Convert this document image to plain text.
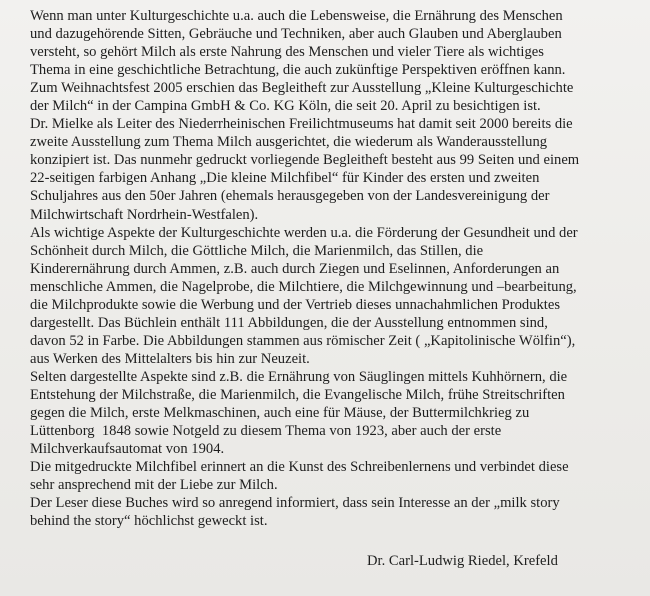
Wenn man unter Kulturgeschichte u.a. auch die Lebensweise, die Ernährung des Menschen
und dazugehörende Sitten, Gebräuche und Techniken, aber auch Glauben und Aberglauben
versteht, so gehört Milch als erste Nahrung des Menschen und vieler Tiere als wichtiges
Thema in eine geschichtliche Betrachtung, die auch zukünftige Perspektiven eröffnen kann.
Zum Weihnachtsfest 2005 erschien das Begleitheft zur Ausstellung „Kleine Kulturgeschichte
der Milch“ in der Campina GmbH & Co. KG Köln, die seit 20. April zu besichtigen ist.
Dr. Mielke als Leiter des Niederrheinischen Freilichtmuseums hat damit seit 2000 bereits die
zweite Ausstellung zum Thema Milch ausgerichtet, die wiederum als Wanderausstellung
konzipiert ist. Das nunmehr gedruckt vorliegende Begleitheft besteht aus 99 Seiten und einem
22-seitigen farbigen Anhang „Die kleine Milchfibel“ für Kinder des ersten und zweiten
Schuljahres aus den 50er Jahren (ehemals herausgegeben von der Landesvereinigung der
Milchwirtschaft Nordrhein-Westfalen).
Als wichtige Aspekte der Kulturgeschichte werden u.a. die Förderung der Gesundheit und der
Schönheit durch Milch, die Göttliche Milch, die Marienmilch, das Stillen, die
Kinderernährung durch Ammen, z.B. auch durch Ziegen und Eselinnen, Anforderungen an
menschliche Ammen, die Nagelprobe, die Milchtiere, die Milchgewinnung und –bearbeitung,
die Milchprodukte sowie die Werbung und der Vertrieb dieses unnachahmlichen Produktes
dargestellt. Das Büchlein enthält 111 Abbildungen, die der Ausstellung entnommen sind,
davon 52 in Farbe. Die Abbildungen stammen aus römischer Zeit ( „Kapitolinische Wölfin“),
aus Werken des Mittelalters bis hin zur Neuzeit.
Selten dargestellte Aspekte sind z.B. die Ernährung von Säuglingen mittels Kuhhörnern, die
Entstehung der Milchstraße, die Marienmilch, die Evangelische Milch, frühe Streitschriften
gegen die Milch, erste Melkmaschinen, auch eine für Mäuse, der Buttermilchkrieg zu
Lüttenborg  1848 sowie Notgeld zu diesem Thema von 1923, aber auch der erste
Milchverkaufsautomat von 1904.
Die mitgedruckte Milchfibel erinnert an die Kunst des Schreibenlernens und verbindet diese
sehr ansprechend mit der Liebe zur Milch.
Der Leser diese Buches wird so anregend informiert, dass sein Interesse an der „milk story
behind the story“ höchlichst geweckt ist.
Dr. Carl-Ludwig Riedel, Krefeld
